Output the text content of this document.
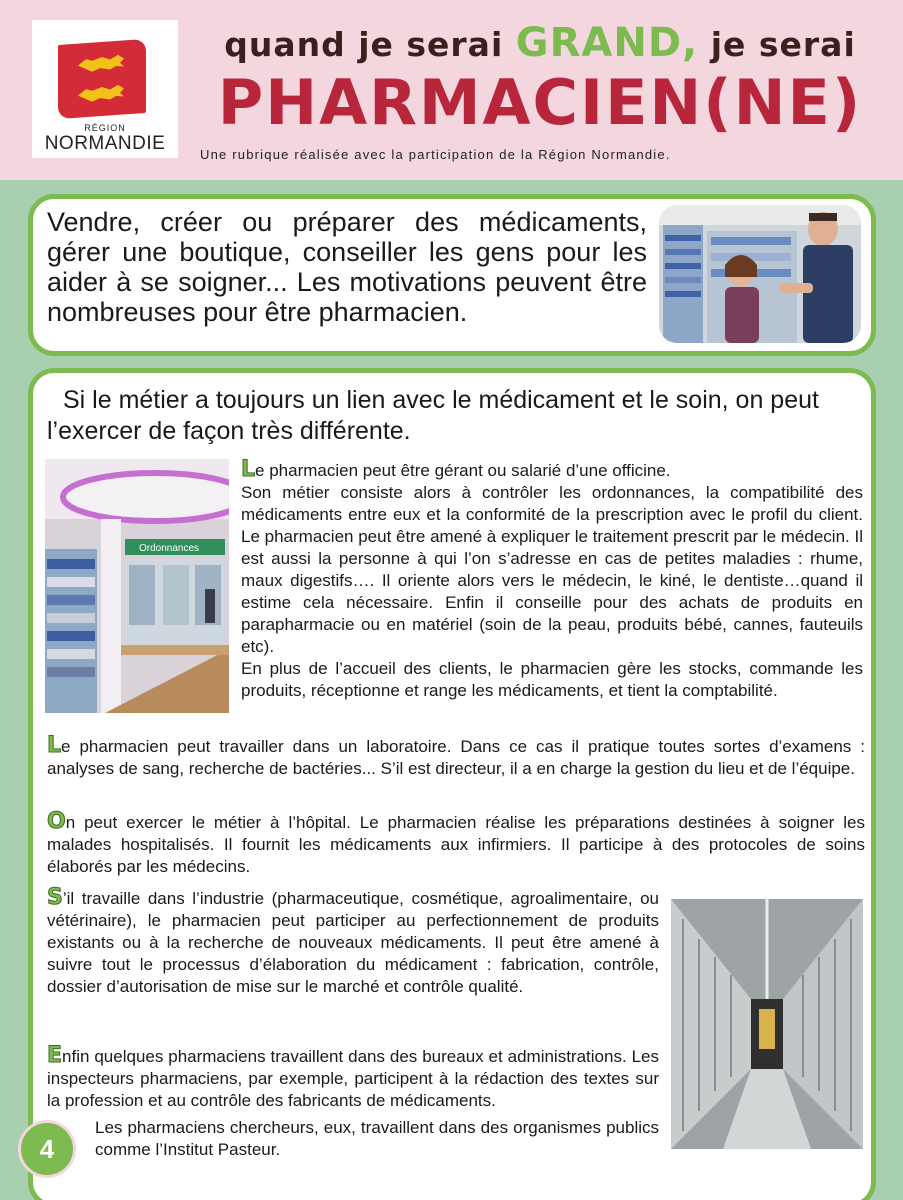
RÉGION
NORMANDIE
quand je serai GRAND, je serai
PHARMACIEN(NE)
Une rubrique réalisée avec la participation de la Région Normandie.
Vendre, créer ou préparer des médicaments, gérer une boutique, conseiller les gens pour les aider à se soigner... Les motivations peuvent être nombreuses pour être pharmacien.
Si le métier a toujours un lien avec le médicament et le soin, on peut l’exercer de façon très différente.
Ordonnances
Le pharmacien peut être gérant ou salarié d’une officine.
Son métier consiste alors à contrôler les ordonnances, la compatibilité des médicaments entre eux et la conformité de la prescription avec le profil du client. Le pharmacien peut être amené à expliquer le traitement prescrit par le médecin. Il est aussi la personne à qui l’on s’adresse en cas de petites maladies : rhume, maux digestifs…. Il oriente alors vers le médecin, le kiné, le dentiste…quand il estime cela nécessaire. Enfin il conseille pour des achats de produits en parapharmacie ou en matériel (soin de la peau, produits bébé, cannes, fauteuils etc).
En plus de l’accueil des clients, le pharmacien gère les stocks, commande les produits, réceptionne et range les médicaments, et tient la comptabilité.
Le pharmacien peut travailler dans un laboratoire. Dans ce cas il pratique toutes sortes d’examens : analyses de sang, recherche de bactéries... S’il est directeur, il a en charge la gestion du lieu et de l’équipe.
On peut exercer le métier à l’hôpital. Le pharmacien réalise les préparations destinées à soigner les malades hospitalisés. Il fournit les médicaments aux infirmiers. Il participe à des protocoles de soins élaborés par les médecins.
S’il travaille dans l’industrie (pharmaceutique, cosmétique, agroalimentaire, ou vétérinaire), le pharmacien peut participer au perfectionnement de produits existants ou à la recherche de nouveaux médicaments. Il peut être amené à suivre tout le processus d’élaboration du médicament : fabrication, contrôle, dossier d’autorisation de mise sur le marché et contrôle qualité.
Enfin quelques pharmaciens travaillent dans des bureaux et administrations. Les inspecteurs pharmaciens, par exemple, participent à la rédaction des textes sur la profession et au contrôle des fabricants de médicaments.
Les pharmaciens chercheurs, eux, travaillent dans des organismes publics comme l’Institut Pasteur.
4
